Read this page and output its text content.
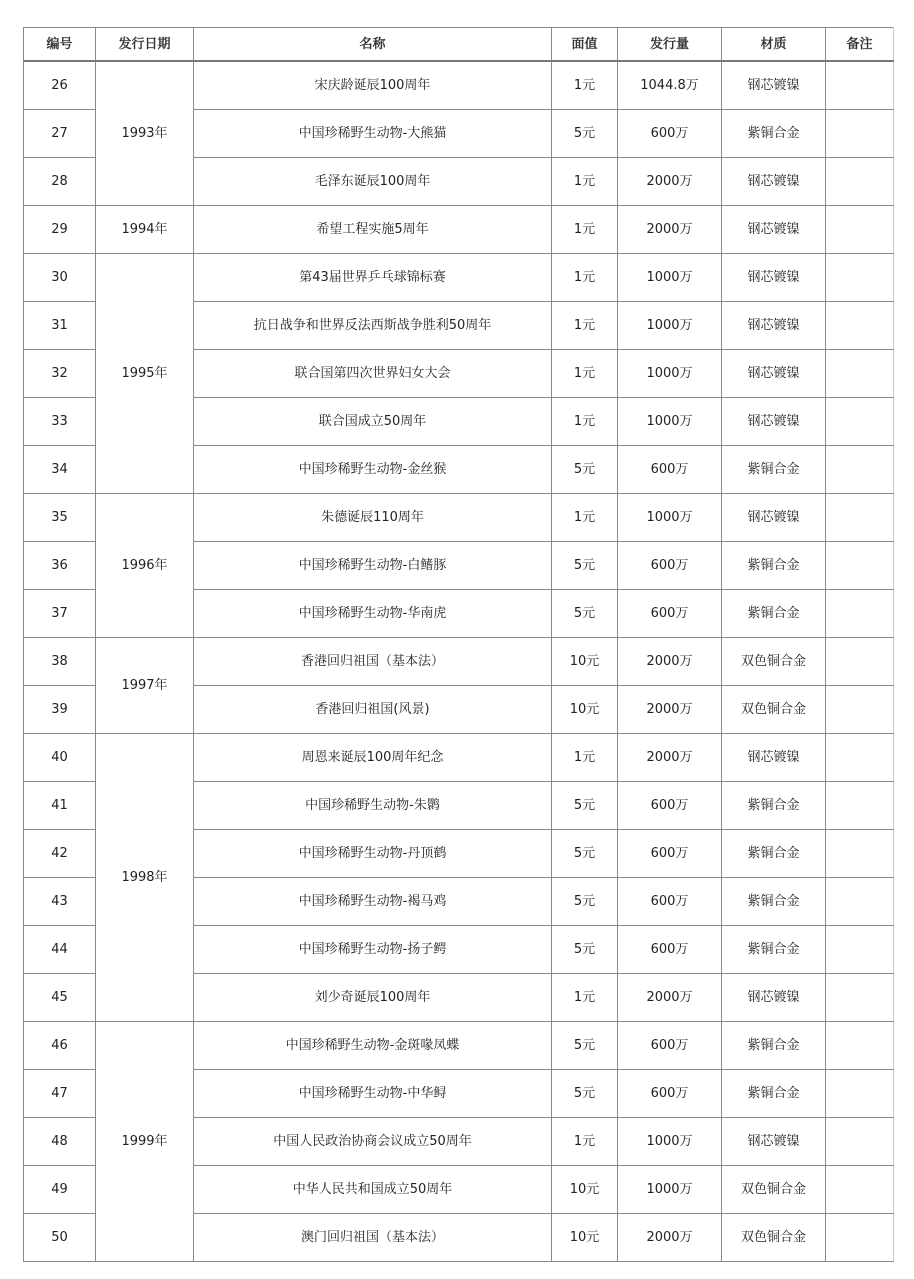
编号	发行日期	名称	面值	发行量	材质	备注
26	1993年	宋庆龄诞辰100周年	1元	1044.8万	钢芯镀镍	
27		中国珍稀野生动物-大熊猫	5元	600万	紫铜合金	
28		毛泽东诞辰100周年	1元	2000万	钢芯镀镍	
29	1994年	希望工程实施5周年	1元	2000万	钢芯镀镍	
30	1995年	第43届世界乒乓球锦标赛	1元	1000万	钢芯镀镍	
31		抗日战争和世界反法西斯战争胜利50周年	1元	1000万	钢芯镀镍	
32		联合国第四次世界妇女大会	1元	1000万	钢芯镀镍	
33		联合国成立50周年	1元	1000万	钢芯镀镍	
34		中国珍稀野生动物-金丝猴	5元	600万	紫铜合金	
35	1996年	朱德诞辰110周年	1元	1000万	钢芯镀镍	
36		中国珍稀野生动物-白鳍豚	5元	600万	紫铜合金	
37		中国珍稀野生动物-华南虎	5元	600万	紫铜合金	
38	1997年	香港回归祖国（基本法）	10元	2000万	双色铜合金	
39		香港回归祖国(风景)	10元	2000万	双色铜合金	
40	1998年	周恩来诞辰100周年纪念	1元	2000万	钢芯镀镍	
41		中国珍稀野生动物-朱鹮	5元	600万	紫铜合金	
42		中国珍稀野生动物-丹顶鹤	5元	600万	紫铜合金	
43		中国珍稀野生动物-褐马鸡	5元	600万	紫铜合金	
44		中国珍稀野生动物-扬子鳄	5元	600万	紫铜合金	
45		刘少奇诞辰100周年	1元	2000万	钢芯镀镍	
46	1999年	中国珍稀野生动物-金斑喙凤蝶	5元	600万	紫铜合金	
47		中国珍稀野生动物-中华鲟	5元	600万	紫铜合金	
48		中国人民政治协商会议成立50周年	1元	1000万	钢芯镀镍	
49		中华人民共和国成立50周年	10元	1000万	双色铜合金	
50		澳门回归祖国（基本法）	10元	2000万	双色铜合金	
